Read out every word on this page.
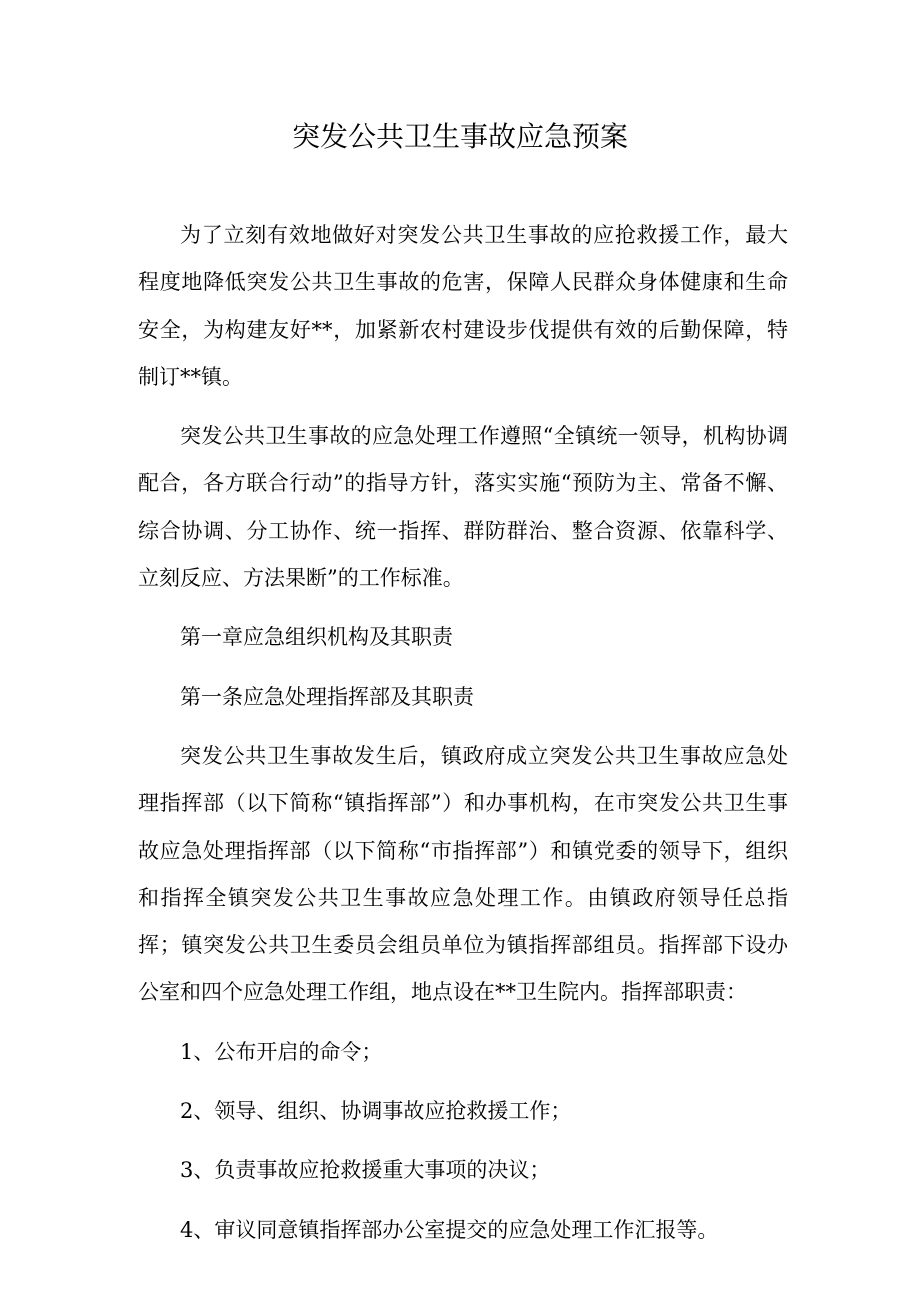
突发公共卫生事故应急预案

为了立刻有效地做好对突发公共卫生事故的应抢救援工作，最大程度地降低突发公共卫生事故的危害，保障人民群众身体健康和生命安全，为构建友好**，加紧新农村建设步伐提供有效的后勤保障，特制订**镇。

突发公共卫生事故的应急处理工作遵照“全镇统一领导，机构协调配合，各方联合行动”的指导方针，落实实施“预防为主、常备不懈、综合协调、分工协作、统一指挥、群防群治、整合资源、依靠科学、立刻反应、方法果断”的工作标准。

第一章应急组织机构及其职责

第一条应急处理指挥部及其职责

突发公共卫生事故发生后，镇政府成立突发公共卫生事故应急处理指挥部（以下简称“镇指挥部”）和办事机构，在市突发公共卫生事故应急处理指挥部（以下简称“市指挥部”）和镇党委的领导下，组织和指挥全镇突发公共卫生事故应急处理工作。由镇政府领导任总指挥；镇突发公共卫生委员会组员单位为镇指挥部组员。指挥部下设办公室和四个应急处理工作组，地点设在**卫生院内。指挥部职责：

1、公布开启的命令；

2、领导、组织、协调事故应抢救援工作；

3、负责事故应抢救援重大事项的决议；

4、审议同意镇指挥部办公室提交的应急处理工作汇报等。
